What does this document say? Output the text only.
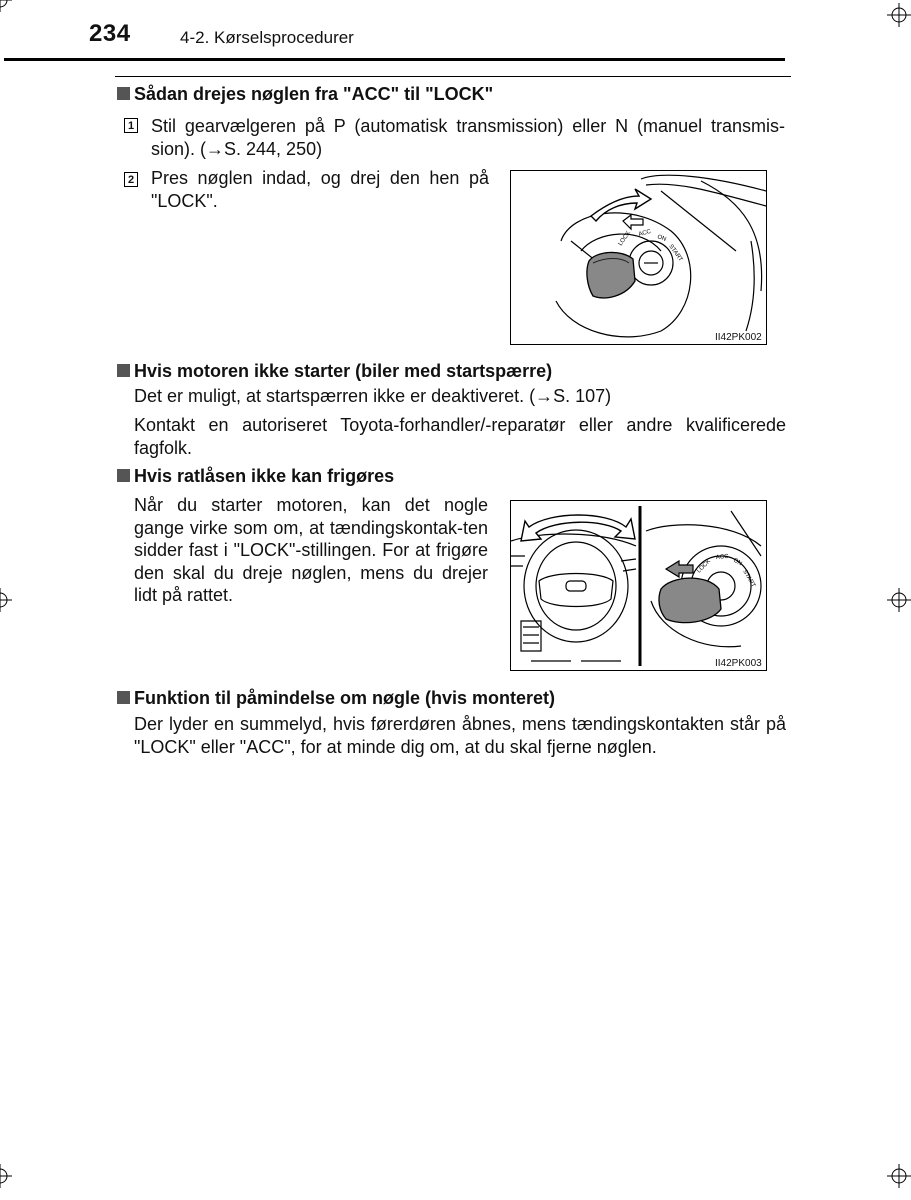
234	4-2. Kørselsprocedurer
Sådan drejes nøglen fra "ACC" til "LOCK"
1 Stil gearvælgeren på P (automatisk transmission) eller N (manuel transmis-sion). (→S. 244, 250)
2 Pres nøglen indad, og drej den hen på "LOCK".
LOCK ACC
ON
START
II42PK002
Hvis motoren ikke starter (biler med startspærre)
Det er muligt, at startspærren ikke er deaktiveret. (→S. 107)
Kontakt en autoriseret Toyota-forhandler/-reparatør eller andre kvalificerede fagfolk.
Hvis ratlåsen ikke kan frigøres
Når du starter motoren, kan det nogle gange virke som om, at tændingskontak-ten sidder fast i "LOCK"-stillingen. For at frigøre den skal du dreje nøglen, mens du drejer lidt på rattet.
LOCK
ACC
ON
START
II42PK003
Funktion til påmindelse om nøgle (hvis monteret)
Der lyder en summelyd, hvis førerdøren åbnes, mens tændingskontakten står på "LOCK" eller "ACC", for at minde dig om, at du skal fjerne nøglen.
